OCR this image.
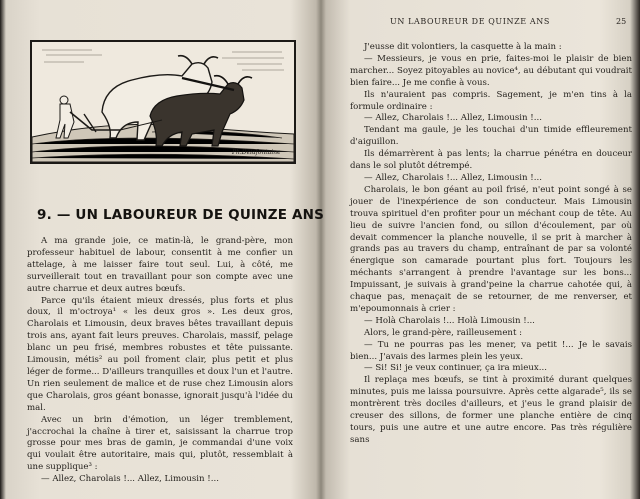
Ph.Delafontaine
9. — UN LABOUREUR DE QUINZE ANS

A ma grande joie, ce matin-là, le grand-père, mon professeur habituel de labour, consentit à me confier un attelage, à me laisser faire tout seul. Lui, à côté, me surveillerait tout en travaillant pour son compte avec une autre charrue et deux autres bœufs.

Parce qu'ils étaient mieux dressés, plus forts et plus doux, il m'octroya¹ « les deux gros ». Les deux gros, Charolais et Limousin, deux braves bêtes travaillant depuis trois ans, ayant fait leurs preuves. Charolais, massif, pelage blanc un peu frisé, membres robustes et tête puissante. Limousin, métis² au poil froment clair, plus petit et plus léger de forme... D'ailleurs tranquilles et doux l'un et l'autre. Un rien seulement de malice et de ruse chez Limousin alors que Charolais, gros géant bonasse, ignorait jusqu'à l'idée du mal.

Avec un brin d'émotion, un léger tremblement, j'accrochai la chaîne à tirer et, saisissant la charrue trop grosse pour mes bras de gamin, je commandai d'une voix qui voulait être autoritaire, mais qui, plutôt, ressemblait à une supplique³ :

— Allez, Charolais !... Allez, Limousin !...

UN LABOUREUR DE QUINZE ANS	25

J'eusse dit volontiers, la casquette à la main :

— Messieurs, je vous en prie, faites-moi le plaisir de bien marcher... Soyez pitoyables au novice⁴, au débutant qui voudrait bien faire... Je me confie à vous.

Ils n'auraient pas compris. Sagement, je m'en tins à la formule ordinaire :

— Allez, Charolais !... Allez, Limousin !...

Tendant ma gaule, je les touchai d'un timide effleurement d'aiguillon.

Ils démarrèrent à pas lents; la charrue pénétra en douceur dans le sol plutôt détrempé.

— Allez, Charolais !... Allez, Limousin !...

Charolais, le bon géant au poil frisé, n'eut point songé à se jouer de l'inexpérience de son conducteur. Mais Limousin trouva spirituel d'en profiter pour un méchant coup de tête. Au lieu de suivre l'ancien fond, ou sillon d'écoulement, par où devait commencer la planche nouvelle, il se prit à marcher à grands pas au travers du champ, entraînant de par sa volonté énergique son camarade pourtant plus fort. Toujours les méchants s'arrangent à prendre l'avantage sur les bons... Impuissant, je suivais à grand'peine la charrue cahotée qui, à chaque pas, menaçait de se retourner, de me renverser, et m'epoumonnais à crier :

— Holà Charolais !... Holà Limousin !...

Alors, le grand-père, railleusement :

— Tu ne pourras pas les mener, va petit !... Je le savais bien... J'avais des larmes plein les yeux.

— Si! Si! je veux continuer, ça ira mieux...

Il replaça mes bœufs, se tint à proximité durant quelques minutes, puis me laissa poursuivre. Après cette algarade⁵, ils se montrèrent très dociles d'ailleurs, et j'eus le grand plaisir de creuser des sillons, de former une planche entière de cinq tours, puis une autre et une autre encore. Pas très régulière sans
